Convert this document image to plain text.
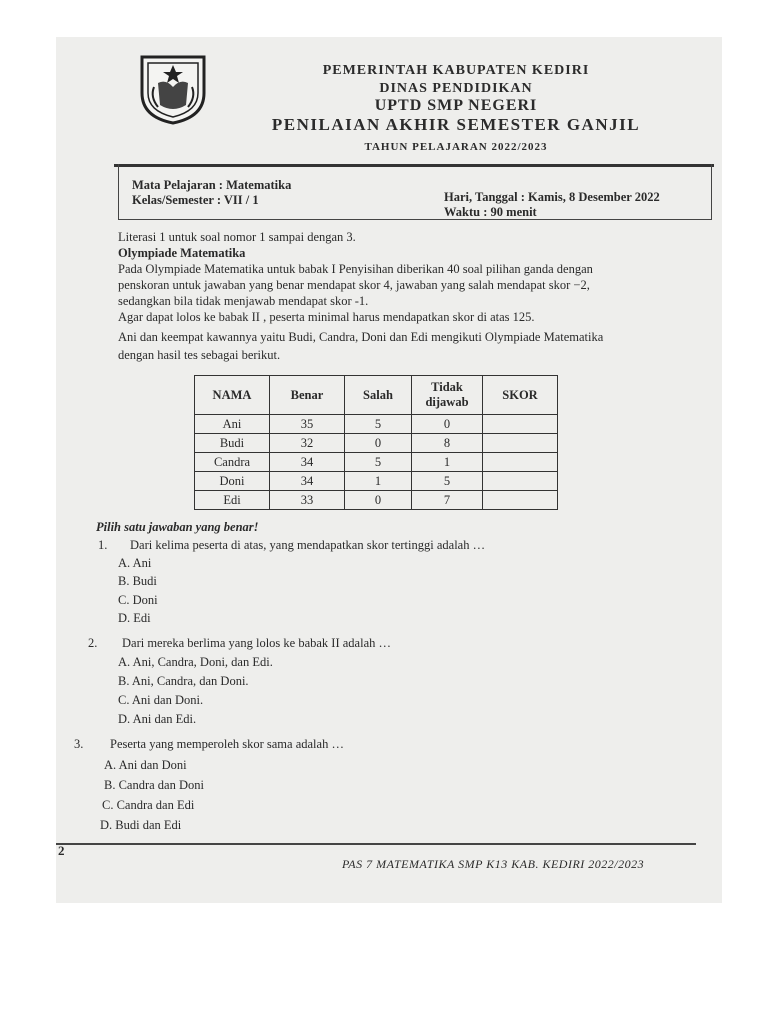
PEMERINTAH KABUPATEN KEDIRI
DINAS PENDIDIKAN
UPTD SMP NEGERI
PENILAIAN AKHIR SEMESTER GANJIL
TAHUN PELAJARAN 2022/2023
Mata Pelajaran : Matematika
Kelas/Semester : VII / 1	Hari, Tanggal : Kamis, 8 Desember 2022
Waktu : 90 menit
Literasi 1 untuk soal nomor 1 sampai dengan 3.
Olympiade Matematika
Pada Olympiade Matematika untuk babak I Penyisihan diberikan 40 soal pilihan ganda dengan
penskoran untuk jawaban yang benar mendapat skor 4, jawaban yang salah mendapat skor −2,
sedangkan bila tidak menjawab mendapat skor -1.
Agar dapat lolos ke babak II , peserta minimal harus mendapatkan skor di atas 125.
Ani dan keempat kawannya yaitu Budi, Candra, Doni dan Edi mengikuti Olympiade Matematika
dengan hasil tes sebagai berikut.
NAMA	Benar	Salah	Tidak dijawab	SKOR
Ani	35	5	0	
Budi	32	0	8	
Candra	34	5	1	
Doni	34	1	5	
Edi	33	0	7	
Pilih satu jawaban yang benar!
1. Dari kelima peserta di atas, yang mendapatkan skor tertinggi adalah …
A. Ani
B. Budi
C. Doni
D. Edi
2. Dari mereka berlima yang lolos ke babak II adalah …
A. Ani, Candra, Doni, dan Edi.
B. Ani, Candra, dan Doni.
C. Ani dan Doni.
D. Ani dan Edi.
3. Peserta yang memperoleh skor sama adalah …
A. Ani dan Doni
B. Candra dan Doni
C. Candra dan Edi
D. Budi dan Edi
2
PAS 7 MATEMATIKA SMP K13 KAB. KEDIRI 2022/2023
